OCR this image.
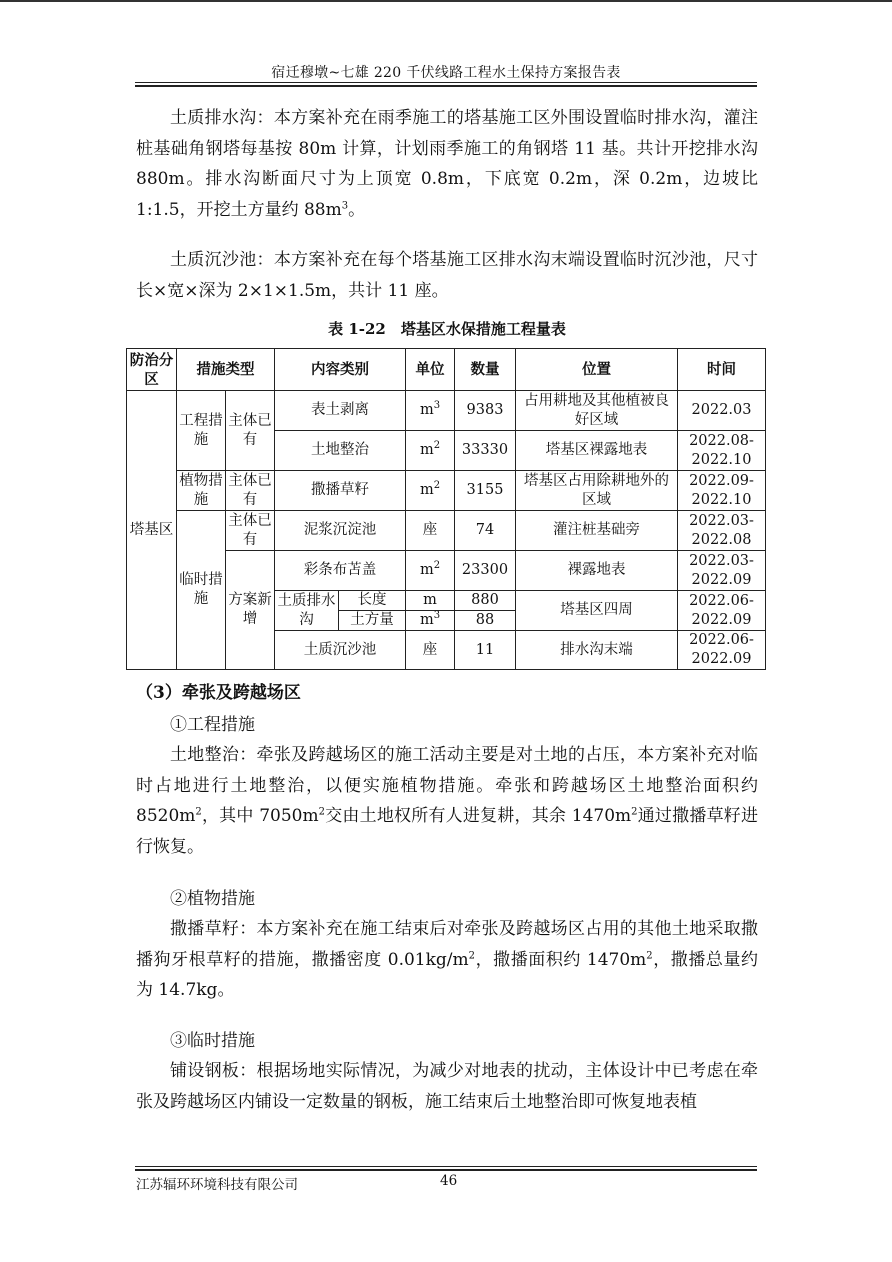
宿迁穆墩~七雄 220 千伏线路工程水土保持方案报告表
土质排水沟：本方案补充在雨季施工的塔基施工区外围设置临时排水沟，灌注桩基础角钢塔每基按 80m 计算，计划雨季施工的角钢塔 11 基。共计开挖排水沟 880m。排水沟断面尺寸为上顶宽 0.8m，下底宽 0.2m，深 0.2m，边坡比 1:1.5，开挖土方量约 $88m^3$。
土质沉沙池：本方案补充在每个塔基施工区排水沟末端设置临时沉沙池，尺寸长×宽×深为 2×1×1.5m，共计 11 座。
表 1-22　塔基区水保措施工程量表
防治分区	措施类型		内容类别		单位	数量	位置	时间
塔基区	工程措施	主体已有	表土剥离		$m^3$	9383	占用耕地及其他植被良好区域	2022.03
			土地整治		$m^2$	33330	塔基区裸露地表	2022.08-2022.10
	植物措施	主体已有	撒播草籽		$m^2$	3155	塔基区占用除耕地外的区域	2022.09-2022.10
	临时措施	主体已有	泥浆沉淀池		座	74	灌注桩基础旁	2022.03-2022.08
		方案新增	彩条布苫盖		$m^2$	23300	裸露地表	2022.03-2022.09
			土质排水沟	长度	m	880	塔基区四周	2022.06-2022.09
				土方量	$m^3$	88		
			土质沉沙池		座	11	排水沟末端	2022.06-2022.09
（3）牵张及跨越场区
①工程措施
土地整治：牵张及跨越场区的施工活动主要是对土地的占压，本方案补充对临时占地进行土地整治，以便实施植物措施。牵张和跨越场区土地整治面积约 $8520m^2$，其中 $7050m^2$交由土地权所有人进复耕，其余 $1470m^2$通过撒播草籽进行恢复。
②植物措施
撒播草籽：本方案补充在施工结束后对牵张及跨越场区占用的其他土地采取撒播狗牙根草籽的措施，撒播密度 $0.01kg/m^2$，撒播面积约 $1470m^2$，撒播总量约为 14.7kg。
③临时措施
铺设钢板：根据场地实际情况，为减少对地表的扰动，主体设计中已考虑在牵张及跨越场区内铺设一定数量的钢板，施工结束后土地整治即可恢复地表植
江苏辐环环境科技有限公司	46
